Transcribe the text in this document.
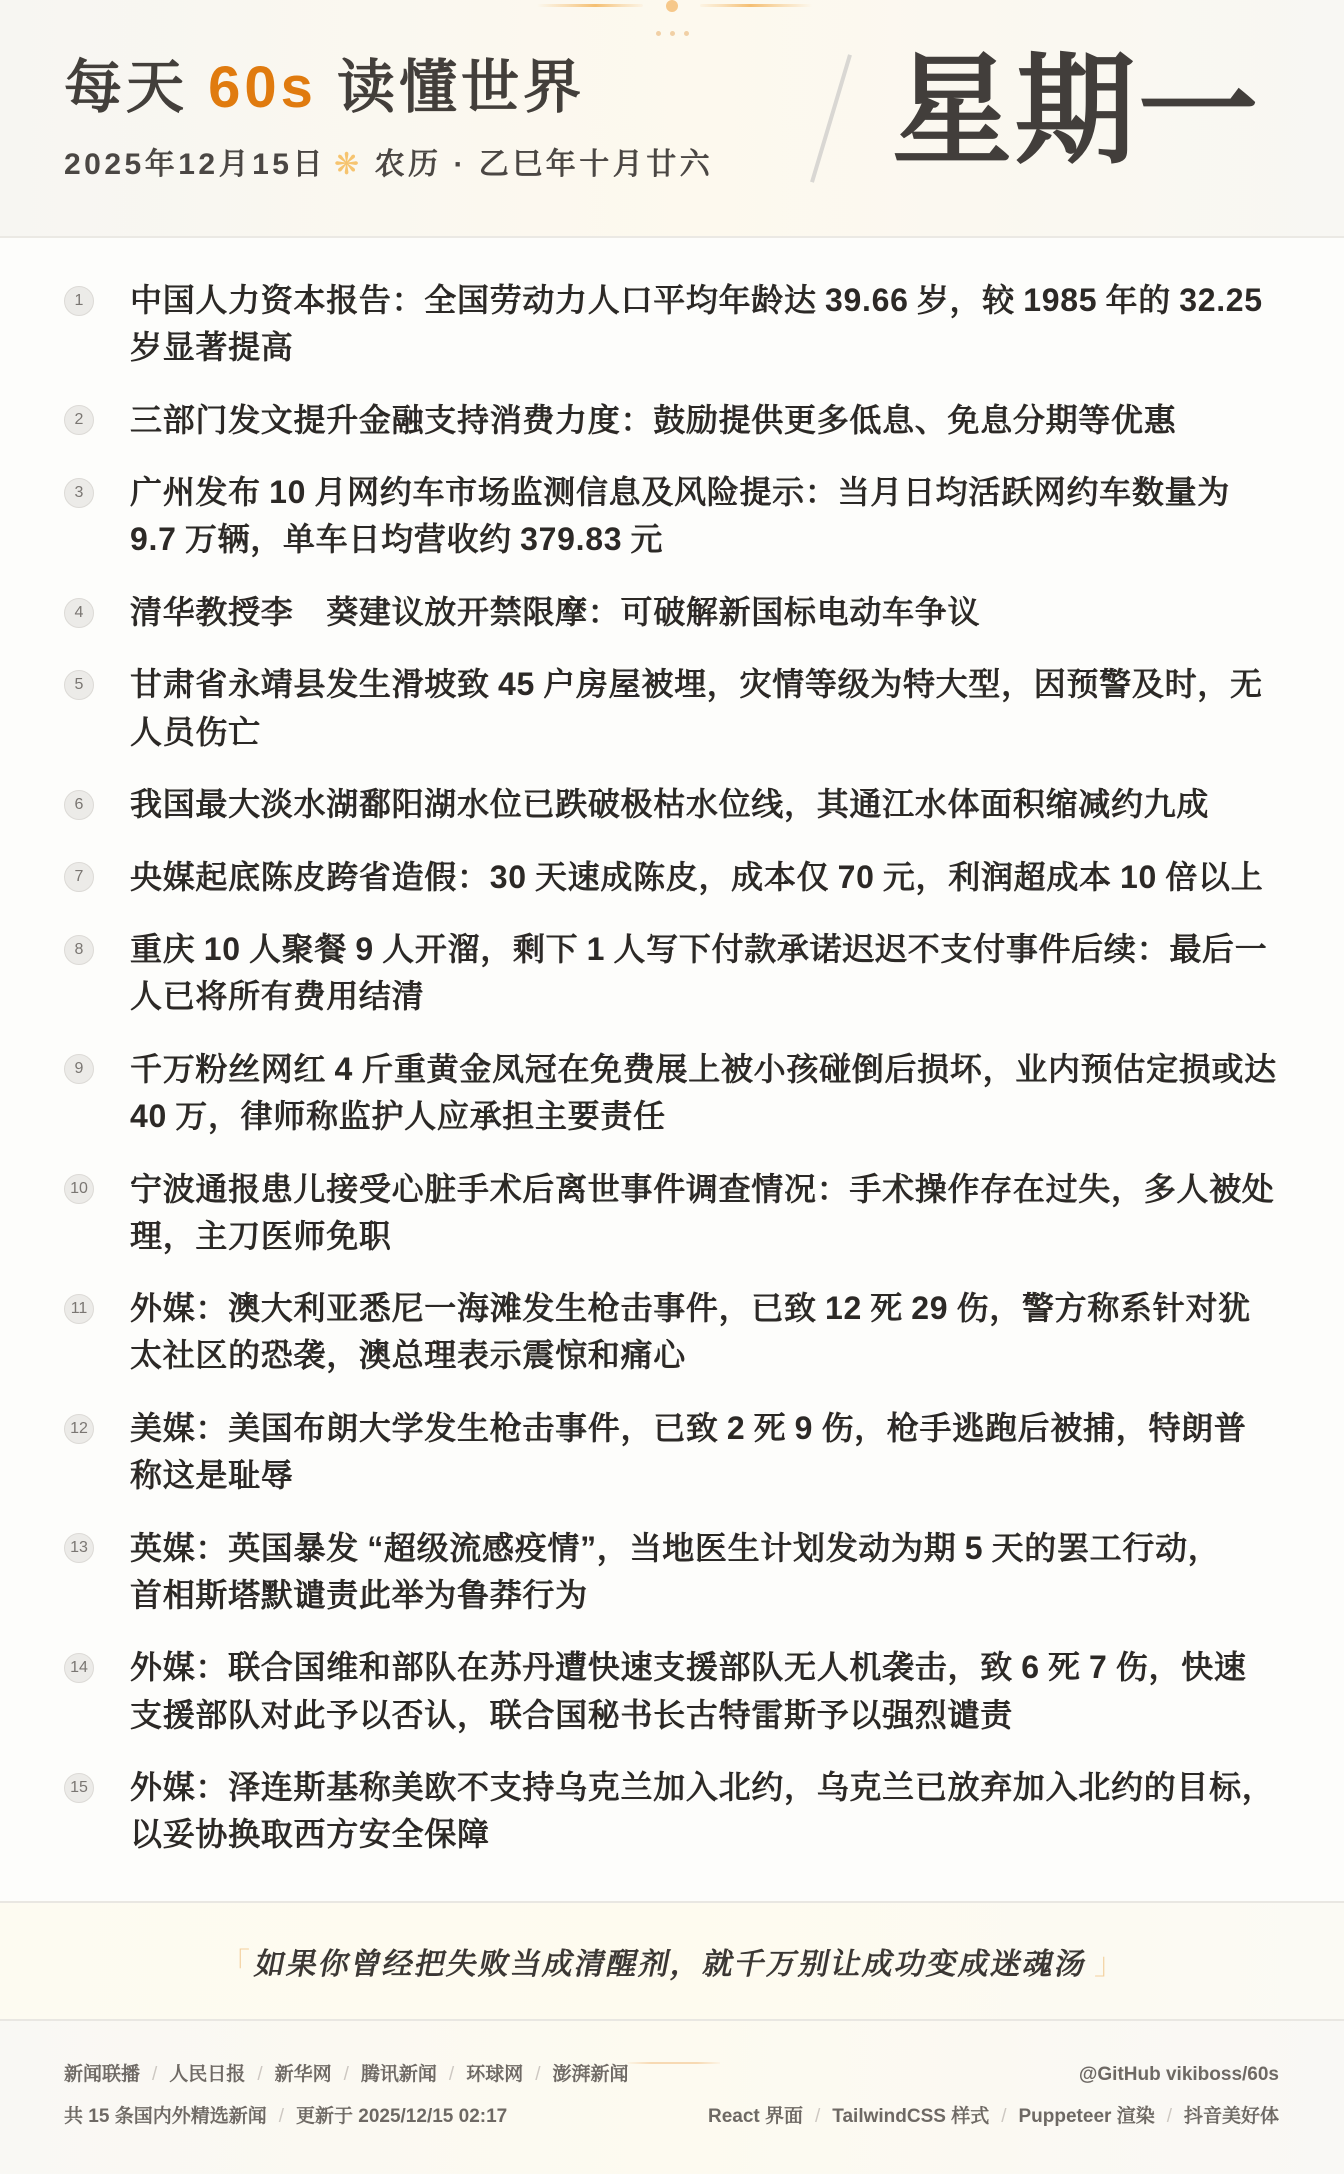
每天 60s 读懂世界
2025年12月15日 ❋ 农历 · 乙巳年十月廿六 星期一
1	中国人力资本报告：全国劳动力人口平均年龄达 39.66 岁，较 1985 年的 32.25
岁显著提高
2	三部门发文提升金融支持消费力度：鼓励提供更多低息、免息分期等优惠
3	广州发布 10 月网约车市场监测信息及风险提示：当月日均活跃网约车数量为
9.7 万辆，单车日均营收约 379.83 元
4	清华教授李　葵建议放开禁限摩：可破解新国标电动车争议
5	甘肃省永靖县发生滑坡致 45 户房屋被埋，灾情等级为特大型，因预警及时，无
人员伤亡
6	我国最大淡水湖鄱阳湖水位已跌破极枯水位线，其通江水体面积缩减约九成
7	央媒起底陈皮跨省造假：30 天速成陈皮，成本仅 70 元，利润超成本 10 倍以上
8	重庆 10 人聚餐 9 人开溜，剩下 1 人写下付款承诺迟迟不支付事件后续：最后一
人已将所有费用结清
9	千万粉丝网红 4 斤重黄金凤冠在免费展上被小孩碰倒后损坏，业内预估定损或达
40 万，律师称监护人应承担主要责任
10 宁波通报患儿接受心脏手术后离世事件调查情况：手术操作存在过失，多人被处
理，主刀医师免职
11 外媒：澳大利亚悉尼一海滩发生枪击事件，已致 12 死 29 伤，警方称系针对犹
太社区的恐袭，澳总理表示震惊和痛心
12 美媒：美国布朗大学发生枪击事件，已致 2 死 9 伤，枪手逃跑后被捕，特朗普
称这是耻辱
13 英媒：英国暴发 “超级流感疫情”，当地医生计划发动为期 5 天的罢工行动，
首相斯塔默谴责此举为鲁莽行为
14 外媒：联合国维和部队在苏丹遭快速支援部队无人机袭击，致 6 死 7 伤，快速
支援部队对此予以否认，联合国秘书长古特雷斯予以强烈谴责
15 外媒：泽连斯基称美欧不支持乌克兰加入北约，乌克兰已放弃加入北约的目标，
以妥协换取西方安全保障
「 如果你曾经把失败当成清醒剂，就千万别让成功变成迷魂汤 」
新闻联播 / 人民日报 / 新华网 / 腾讯新闻 / 环球网 / 澎湃新闻
共 15 条国内外精选新闻 / 更新于 2025/12/15 02:17
@GitHub vikiboss/60s
React 界面 / TailwindCSS 样式 / Puppeteer 渲染 / 抖音美好体
